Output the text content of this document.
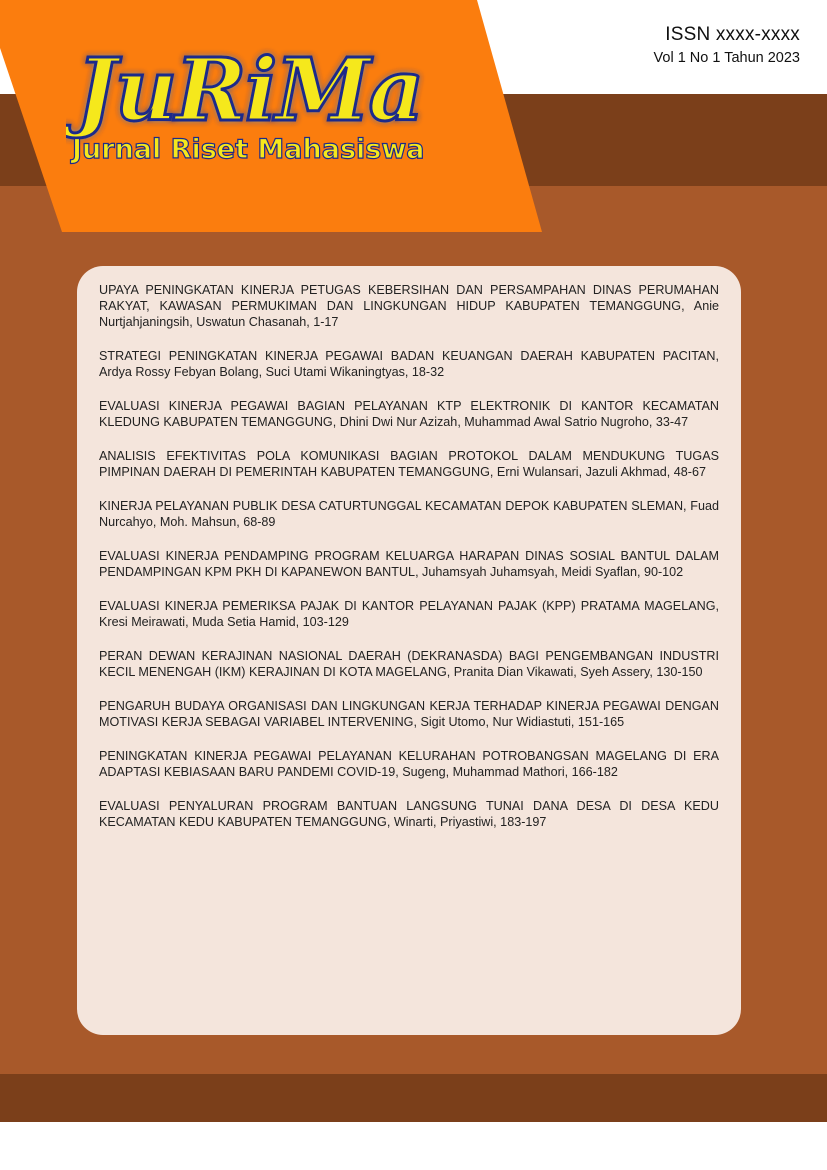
JuRiMa
Jurnal Riset Mahasiswa
ISSN xxxx-xxxx
Vol 1 No 1 Tahun 2023

UPAYA PENINGKATAN KINERJA PETUGAS KEBERSIHAN DAN PERSAMPAHAN DINAS PERUMAHAN RAKYAT, KAWASAN PERMUKIMAN DAN LINGKUNGAN HIDUP KABUPATEN TEMANGGUNG, Anie Nurtjahjaningsih, Uswatun Chasanah, 1-17

STRATEGI PENINGKATAN KINERJA PEGAWAI BADAN KEUANGAN DAERAH KABUPATEN PACITAN, Ardya Rossy Febyan Bolang, Suci Utami Wikaningtyas, 18-32

EVALUASI KINERJA PEGAWAI BAGIAN PELAYANAN KTP ELEKTRONIK DI KANTOR KECAMATAN KLEDUNG KABUPATEN TEMANGGUNG, Dhini Dwi Nur Azizah, Muhammad Awal Satrio Nugroho, 33-47

ANALISIS EFEKTIVITAS POLA KOMUNIKASI BAGIAN PROTOKOL DALAM MENDUKUNG TUGAS PIMPINAN DAERAH DI PEMERINTAH KABUPATEN TEMANGGUNG, Erni Wulansari, Jazuli Akhmad, 48-67

KINERJA PELAYANAN PUBLIK DESA CATURTUNGGAL KECAMATAN DEPOK KABUPATEN SLEMAN, Fuad Nurcahyo, Moh. Mahsun, 68-89

EVALUASI KINERJA PENDAMPING PROGRAM KELUARGA HARAPAN DINAS SOSIAL BANTUL DALAM PENDAMPINGAN KPM PKH DI KAPANEWON BANTUL, Juhamsyah Juhamsyah, Meidi Syaflan, 90-102

EVALUASI KINERJA PEMERIKSA PAJAK DI KANTOR PELAYANAN PAJAK (KPP) PRATAMA MAGELANG, Kresi Meirawati, Muda Setia Hamid, 103-129

PERAN DEWAN KERAJINAN NASIONAL DAERAH (DEKRANASDA) BAGI PENGEMBANGAN INDUSTRI KECIL MENENGAH (IKM) KERAJINAN DI KOTA MAGELANG, Pranita Dian Vikawati, Syeh Assery, 130-150

PENGARUH BUDAYA ORGANISASI DAN LINGKUNGAN KERJA TERHADAP KINERJA PEGAWAI DENGAN MOTIVASI KERJA SEBAGAI VARIABEL INTERVENING, Sigit Utomo, Nur Widiastuti, 151-165

PENINGKATAN KINERJA PEGAWAI PELAYANAN KELURAHAN POTROBANGSAN MAGELANG DI ERA ADAPTASI KEBIASAAN BARU PANDEMI COVID-19, Sugeng, Muhammad Mathori, 166-182

EVALUASI PENYALURAN PROGRAM BANTUAN LANGSUNG TUNAI DANA DESA DI DESA KEDU KECAMATAN KEDU KABUPATEN TEMANGGUNG, Winarti, Priyastiwi, 183-197
